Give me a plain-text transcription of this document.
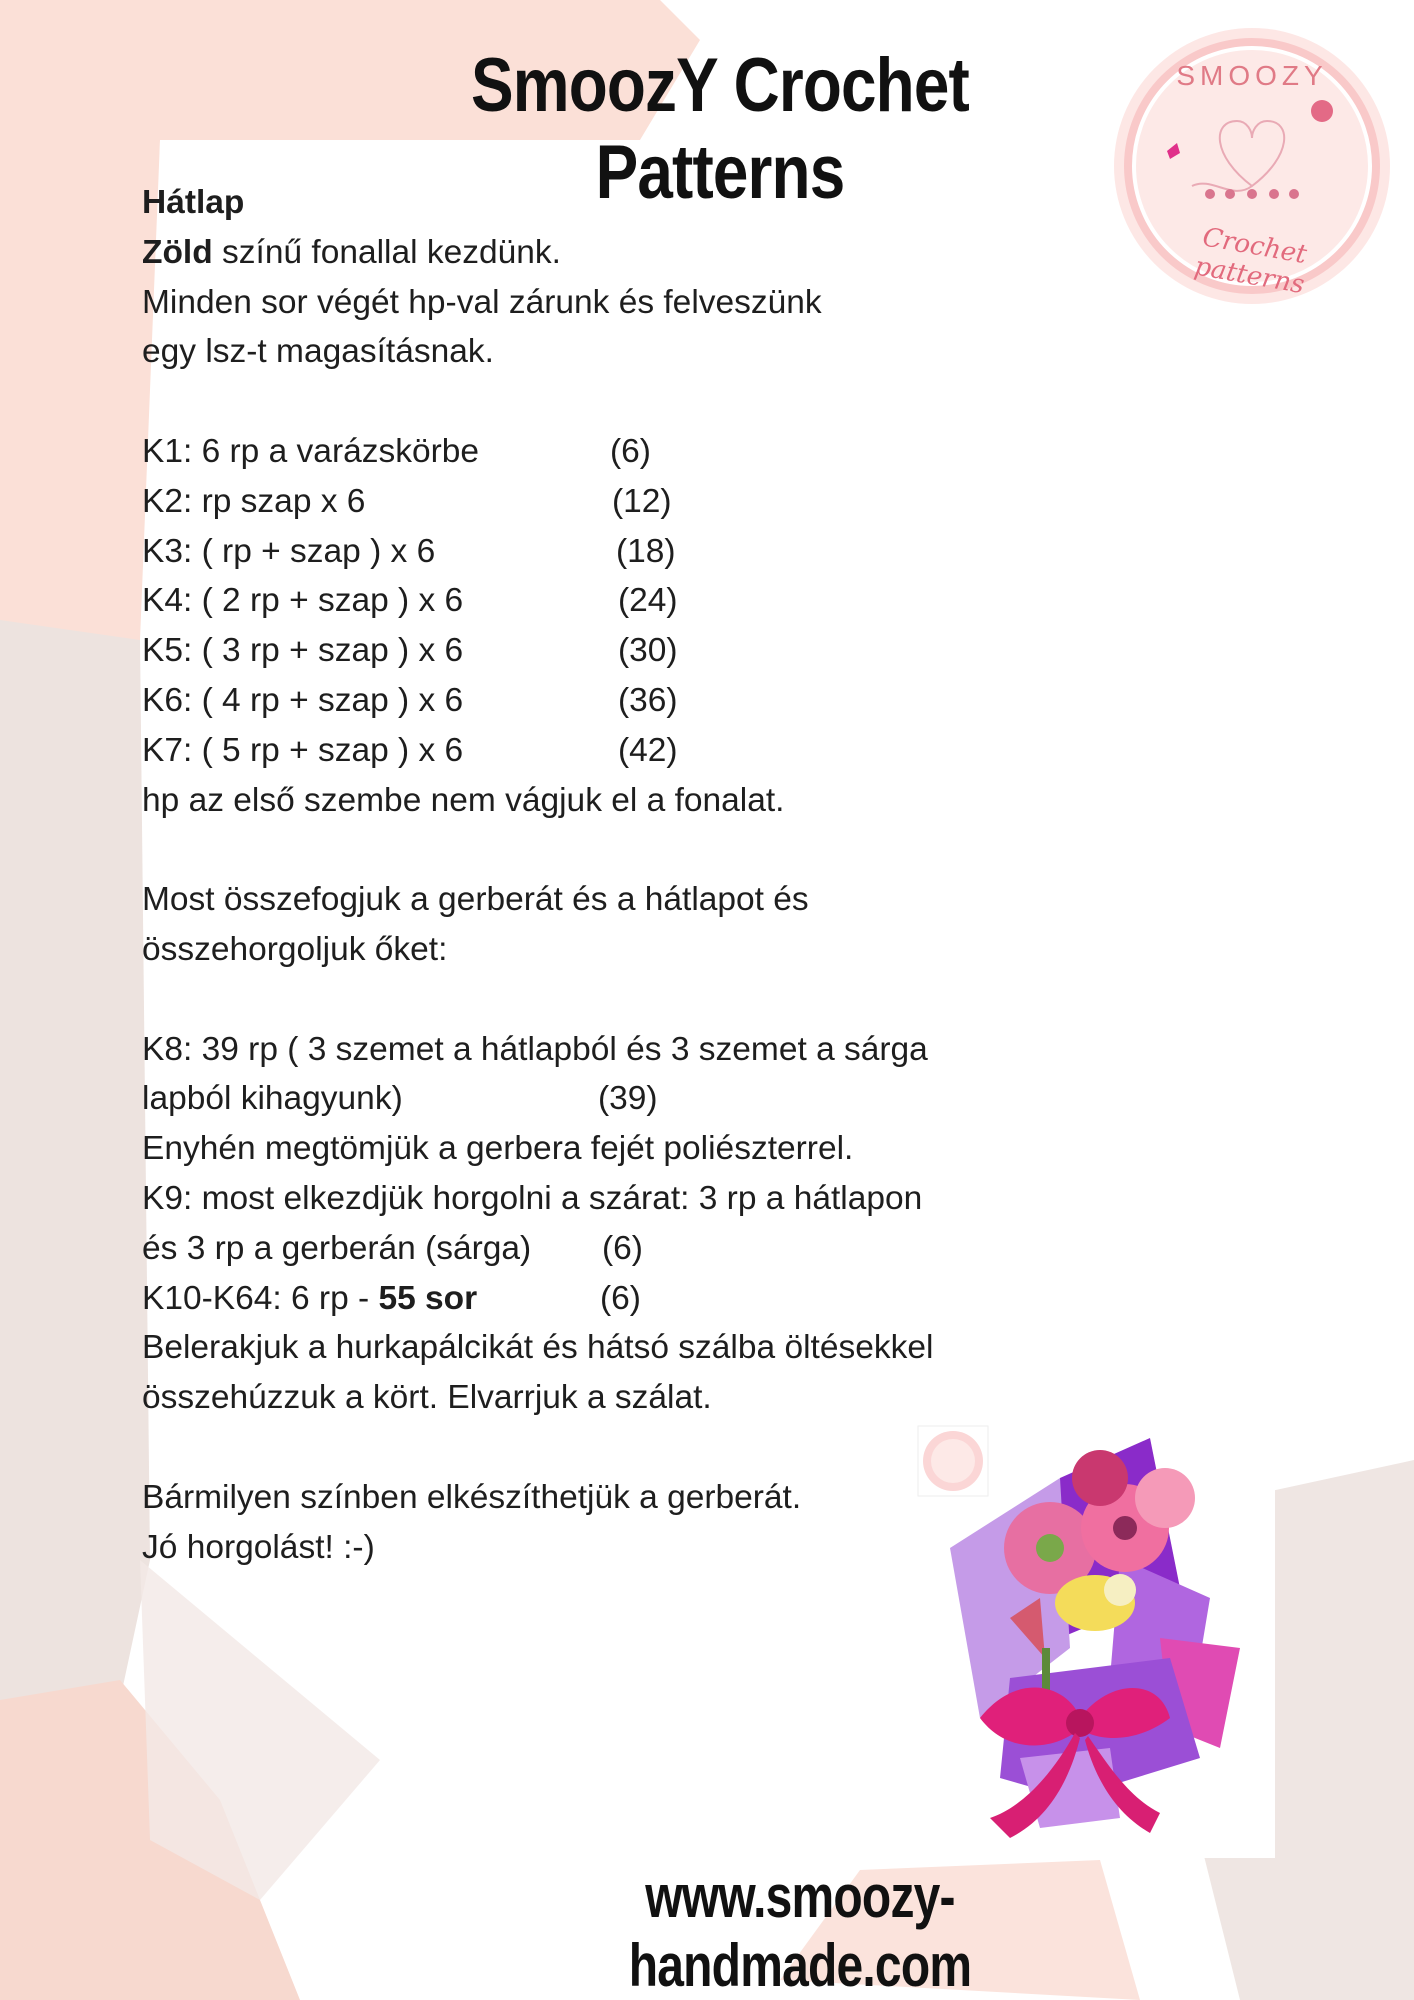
SmoozY Crochet Patterns
SMOOZY
Crochet patterns
Hátlap
Zöld színű fonallal kezdünk.
Minden sor végét hp-val zárunk és felveszünk
egy lsz-t magasításnak.
K1: 6 rp a varázskörbe	(6)
K2: rp szap x 6	(12)
K3: ( rp + szap ) x 6	(18)
K4: ( 2 rp + szap ) x 6	(24)
K5: ( 3 rp + szap ) x 6	(30)
K6: ( 4 rp + szap ) x 6	(36)
K7: ( 5 rp + szap ) x 6	(42)
hp az első szembe nem vágjuk el a fonalat.
Most összefogjuk a gerberát és a hátlapot és
összehorgoljuk őket:
K8: 39 rp ( 3 szemet a hátlapból és 3 szemet a sárga
lapból kihagyunk)	(39)
Enyhén megtömjük a gerbera fejét poliészterrel.
K9: most elkezdjük horgolni a szárat: 3 rp a hátlapon
és 3 rp a gerberán (sárga) (6)
K10-K64: 6 rp - 55 sor	(6)
Belerakjuk a hurkapálcikát és hátsó szálba öltésekkel
összehúzzuk a kört. Elvarrjuk a szálat.
Bármilyen színben elkészíthetjük a gerberát.
Jó horgolást! :-)
www.smoozy-handmade.com
